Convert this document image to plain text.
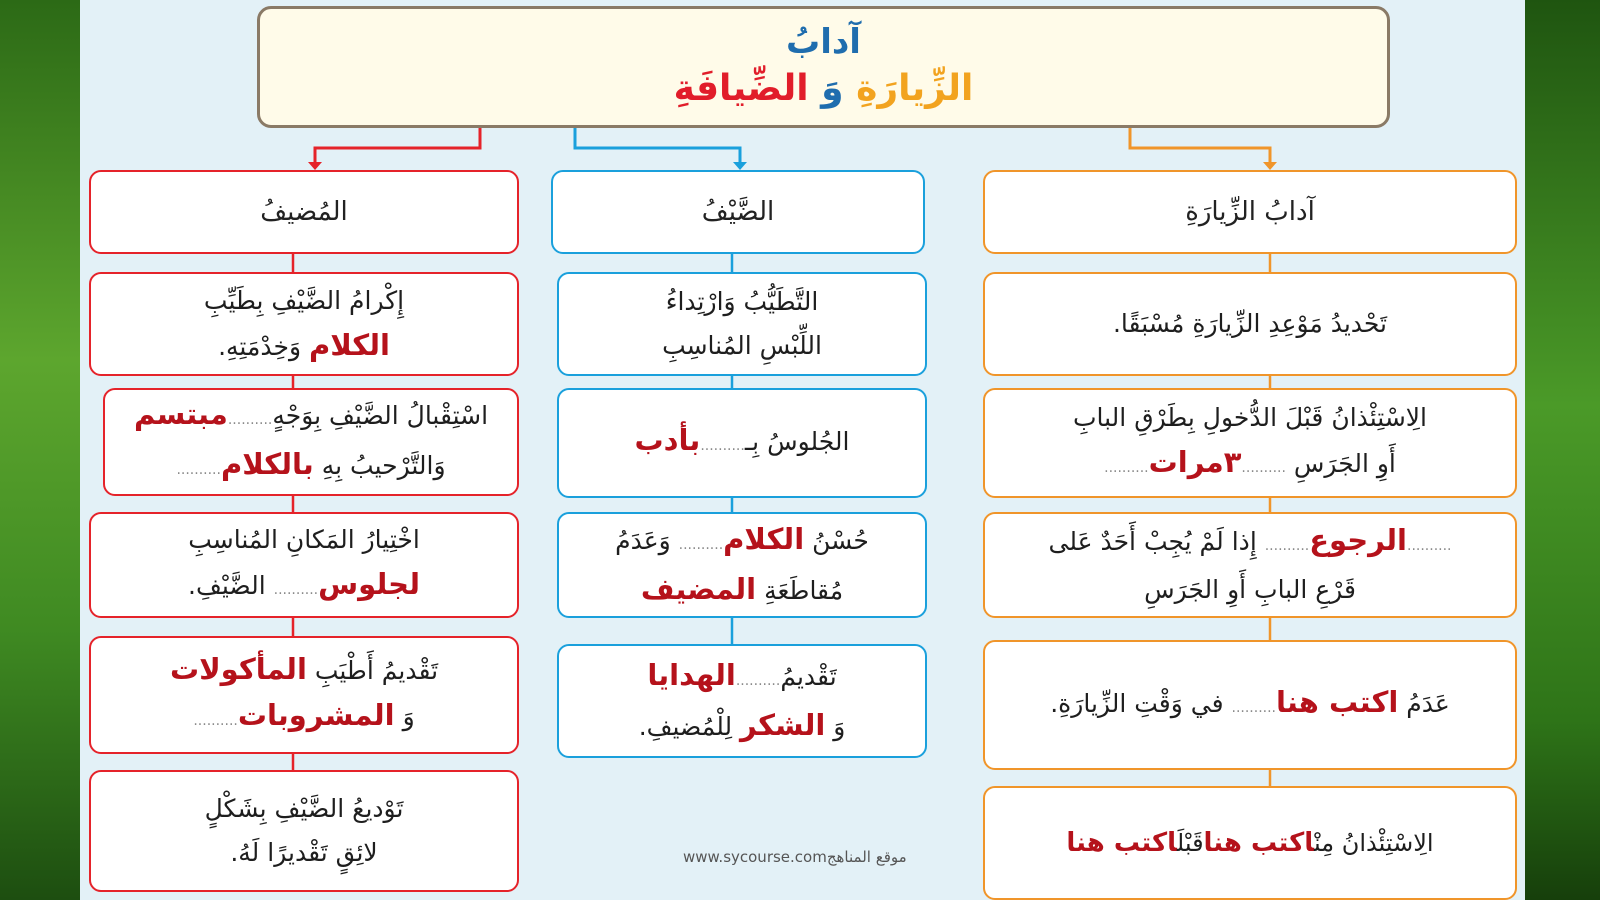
آدابُ
الزِّيارَةِ وَ الضِّيافَةِ
آدابُ الزِّيارَةِ
الضَّيْفُ
المُضيفُ
تَحْديدُ مَوْعِدِ الزِّيارَةِ مُسْبَقًا.
الِاسْتِئْذانُ قَبْلَ الدُّخولِ بِطَرْقِ البابِ
أَوِ الجَرَسِ ..........٣مرات..........
..........الرجوع.......... إِذا لَمْ يُجِبْ أَحَدٌ عَلى
قَرْعِ البابِ أَوِ الجَرَسِ
عَدَمُ اكتب هنا.......... في وَقْتِ الزِّيارَةِ.
الِاسْتِئْذانُ مِنْاكتب هناقَبْلَاكتب هنا
التَّطَيُّبُ وَارْتِداءُ
اللِّبْسِ المُناسِبِ
الجُلوسُ بِـ..........بأدب
حُسْنُ الكلام.......... وَعَدَمُ
مُقاطَعَةِ المضيف
تَقْديمُ..........الهدايا
وَ الشكر لِلْمُضيفِ.
إِكْرامُ الضَّيْفِ بِطَيِّبِ
الكلام وَخِدْمَتِهِ.
اسْتِقْبالُ الضَّيْفِ بِوَجْهٍ..........مبتسم
وَالتَّرْحيبُ بِهِ بالكلام..........
اخْتِيارُ المَكانِ المُناسِبِ
لجلوس.......... الضَّيْفِ.
تَقْديمُ أَطْيَبِ المأكولات
وَ المشروبات..........
تَوْديعُ الضَّيْفِ بِشَكْلٍ
لائِقٍ تَقْديرًا لَهُ.	www.sycourse.comموقع المناهج
